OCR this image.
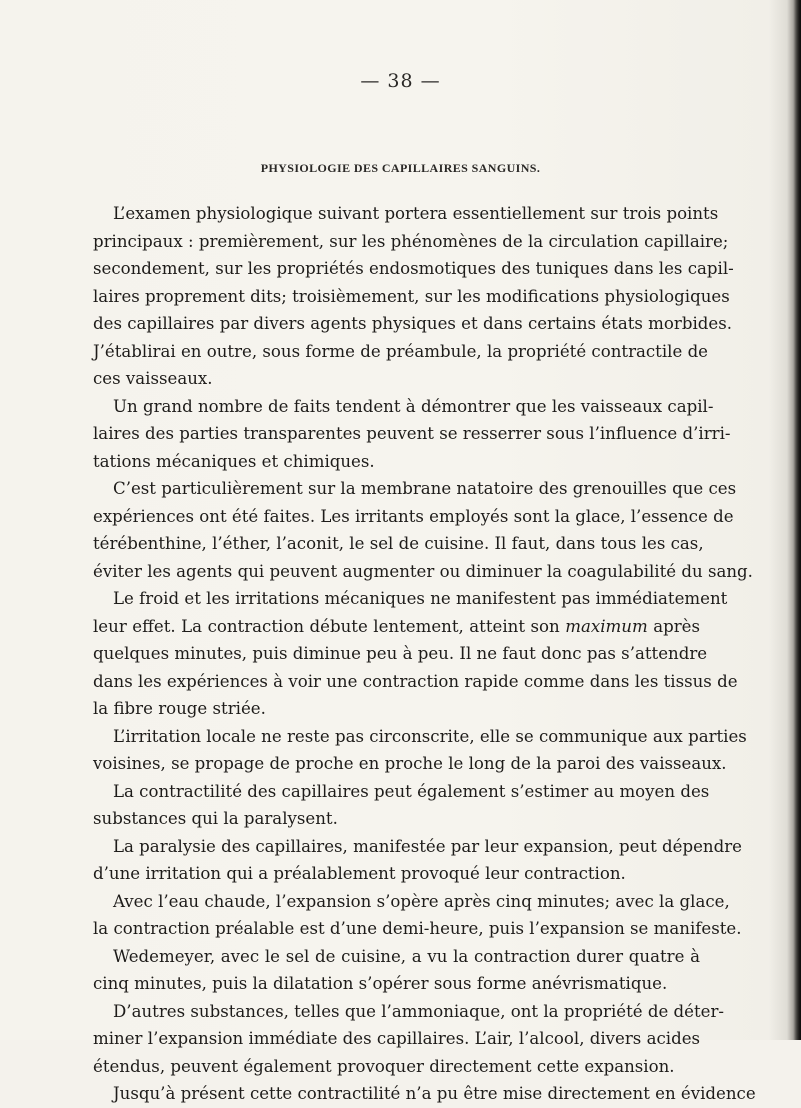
— 38 —
PHYSIOLOGIE DES CAPILLAIRES SANGUINS.
L’examen physiologique suivant portera essentiellement sur trois points
principaux : premièrement, sur les phénomènes de la circulation capillaire;
secondement, sur les propriétés endosmotiques des tuniques dans les capil-
laires proprement dits; troisièmement, sur les modifications physiologiques
des capillaires par divers agents physiques et dans certains états morbides.
J’établirai en outre, sous forme de préambule, la propriété contractile de
ces vaisseaux.
Un grand nombre de faits tendent à démontrer que les vaisseaux capil-
laires des parties transparentes peuvent se resserrer sous l’influence d’irri-
tations mécaniques et chimiques.
C’est particulièrement sur la membrane natatoire des grenouilles que ces
expériences ont été faites. Les irritants employés sont la glace, l’essence de
térébenthine, l’éther, l’aconit, le sel de cuisine. Il faut, dans tous les cas,
éviter les agents qui peuvent augmenter ou diminuer la coagulabilité du sang.
Le froid et les irritations mécaniques ne manifestent pas immédiatement
leur effet. La contraction débute lentement, atteint son maximum après
quelques minutes, puis diminue peu à peu. Il ne faut donc pas s’attendre
dans les expériences à voir une contraction rapide comme dans les tissus de
la fibre rouge striée.
L’irritation locale ne reste pas circonscrite, elle se communique aux parties
voisines, se propage de proche en proche le long de la paroi des vaisseaux.
La contractilité des capillaires peut également s’estimer au moyen des
substances qui la paralysent.
La paralysie des capillaires, manifestée par leur expansion, peut dépendre
d’une irritation qui a préalablement provoqué leur contraction.
Avec l’eau chaude, l’expansion s’opère après cinq minutes; avec la glace,
la contraction préalable est d’une demi-heure, puis l’expansion se manifeste.
Wedemeyer, avec le sel de cuisine, a vu la contraction durer quatre à
cinq minutes, puis la dilatation s’opérer sous forme anévrismatique.
D’autres substances, telles que l’ammoniaque, ont la propriété de déter-
miner l’expansion immédiate des capillaires. L’air, l’alcool, divers acides
étendus, peuvent également provoquer directement cette expansion.
Jusqu’à présent cette contractilité n’a pu être mise directement en évidence
